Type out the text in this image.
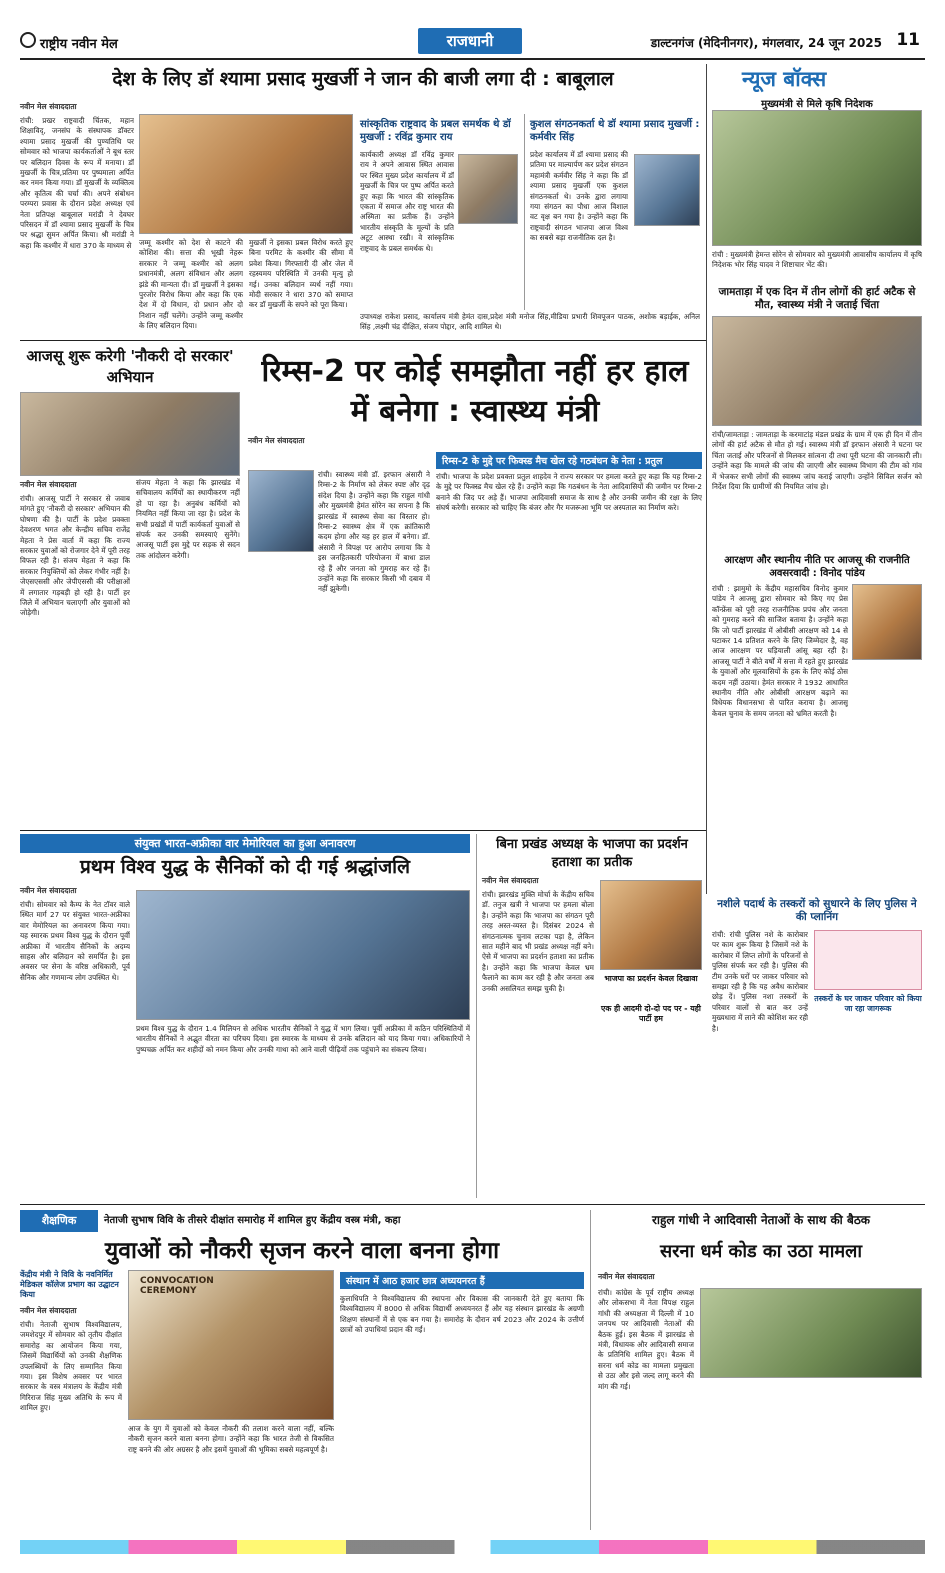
राष्ट्रीय नवीन मेल	राजधानी	डाल्टनगंज (मेदिनीनगर), मंगलवार, 24 जून 2025 11
देश के लिए डॉ श्यामा प्रसाद मुखर्जी ने जान की बाजी लगा दी : बाबूलाल
नवीन मेल संवाददाता
रांची: प्रखर राष्ट्रवादी चिंतक, महान शिक्षाविद्, जनसंघ के संस्थापक डॉक्टर श्यामा प्रसाद मुखर्जी की पुण्यतिथि पर सोमवार को भाजपा कार्यकर्ताओं ने बूथ स्तर पर बलिदान दिवस के रूप में मनाया। डॉ मुखर्जी के चित्र,प्रतिमा पर पुष्पमाला अर्पित कर नमन किया गया। डॉ मुखर्जी के व्यक्तित्व और कृतित्व की चर्चा की। अपने संबोधन परम्परा प्रवास के दौरान प्रदेश अध्यक्ष एवं नेता प्रतिपक्ष बाबूलाल मरांडी ने देवघर परिसदन में डॉ श्यामा प्रसाद मुखर्जी के चित्र पर श्रद्धा सुमन अर्पित किया। श्री मरांडी ने कहा कि कश्मीर में धारा 370 के माध्यम से	जम्मू कश्मीर को देश से काटने की कोशिश की। सत्ता की भूखी नेहरू सरकार ने जम्मू कश्मीर को अलग प्रधानमंत्री, अलग संविधान और अलग झंडे की मान्यता दी। डॉ मुखर्जी ने इसका पुरजोर विरोध किया और कहा कि एक देश में दो विधान, दो प्रधान और दो निशान नहीं चलेंगे। उन्होंने जम्मू कश्मीर के लिए बलिदान दिया।
मुखर्जी ने इसका प्रबल विरोध करते हुए बिना परमिट के कश्मीर की सीमा में प्रवेश किया। गिरफ्तारी दी और जेल में रहस्यमय परिस्थिति में उनकी मृत्यु हो गई। उनका बलिदान व्यर्थ नहीं गया। मोदी सरकार ने धारा 370 को समाप्त कर डॉ मुखर्जी के सपने को पूरा किया।
सांस्कृतिक राष्ट्रवाद के प्रबल समर्थक थे डॉ मुखर्जी : रविंद्र कुमार राय
कार्यकारी अध्यक्ष डॉ रविंद्र कुमार राय ने अपने आवास स्थित आवास पर स्थित मुख्य प्रदेश कार्यालय में डॉ मुखर्जी के चित्र पर पुष्प अर्पित करते हुए कहा कि भारत की सांस्कृतिक एकता में समाज और राष्ट्र भारत की अस्मिता का प्रतीक हैं। उन्होंने भारतीय संस्कृति के मूल्यों के प्रति अटूट आस्था रखी। वे सांस्कृतिक राष्ट्रवाद के प्रबल समर्थक थे।
कुशल संगठनकर्ता थे डॉ श्यामा प्रसाद मुखर्जी : कर्मवीर सिंह
प्रदेश कार्यालय में डॉ श्यामा प्रसाद की प्रतिमा पर माल्यार्पण कर प्रदेश संगठन महामंत्री कर्मवीर सिंह ने कहा कि डॉ श्यामा प्रसाद मुखर्जी एक कुशल संगठनकर्ता थे। उनके द्वारा लगाया गया संगठन का पौधा आज विशाल वट वृक्ष बन गया है। उन्होंने कहा कि राष्ट्रवादी संगठन भाजपा आज विश्व का सबसे बड़ा राजनीतिक दल है।
उपाध्यक्ष राकेश प्रसाद, कार्यालय मंत्री हेमंत दास,प्रदेश मंत्री मनोज सिंह,मीडिया प्रभारी शिवपूजन पाठक, अशोक बड़ाईक, अनिल सिंह ,लक्ष्मी चंद्र दीक्षित, संजय पोद्दार, आदि शामिल थे।
न्यूज बॉक्स
मुख्यमंत्री से मिले कृषि निदेशक
रांची : मुख्यमंत्री हेमन्त सोरेन से सोमवार को मुख्यमंत्री आवासीय कार्यालय में कृषि निदेशक भोर सिंह यादव ने शिष्टाचार भेंट की।
जामताड़ा में एक दिन में तीन लोगों की हार्ट अटैक से मौत, स्वास्थ्य मंत्री ने जताई चिंता
रांची/जामताड़ा : जामताड़ा के करमाटांड़ मंडल प्रखंड के ग्राम में एक ही दिन में तीन लोगों की हार्ट अटैक से मौत हो गई। स्वास्थ्य मंत्री डॉ इरफान अंसारी ने घटना पर चिंता जताई और परिजनों से मिलकर सांत्वना दी तथा पूरी घटना की जानकारी ली। उन्होंने कहा कि मामले की जांच की जाएगी और स्वास्थ्य विभाग की टीम को गांव में भेजकर सभी लोगों की स्वास्थ्य जांच कराई जाएगी। उन्होंने सिविल सर्जन को निर्देश दिया कि ग्रामीणों की नियमित जांच हो।
आरक्षण और स्थानीय नीति पर आजसू की राजनीति अवसरवादी : विनोद पांडेय
रांची : झामुमो के केंद्रीय महासचिव विनोद कुमार पांडेय ने आजसू द्वारा सोमवार को किए गए प्रेस कॉन्फ्रेंस को पूरी तरह राजनीतिक प्रपंच और जनता को गुमराह करने की साजिश बताया है। उन्होंने कहा कि जो पार्टी झारखंड में ओबीसी आरक्षण को 14 से घटाकर 14 प्रतिशत करने के लिए जिम्मेदार है, वह आज आरक्षण पर घड़ियाली आंसू बहा रही है। आजसू पार्टी ने बीते वर्षों में सत्ता में रहते हुए झारखंड के युवाओं और मूलवासियों के हक के लिए कोई ठोस कदम नहीं उठाया। हेमंत सरकार ने 1932 आधारित स्थानीय नीति और ओबीसी आरक्षण बढ़ाने का विधेयक विधानसभा से पारित कराया है। आजसू केवल चुनाव के समय जनता को भ्रमित करती है।
आजसू शुरू करेगी 'नौकरी दो सरकार' अभियान
नवीन मेल संवाददाता
रांची। आजसू पार्टी ने सरकार से जवाब मांगते हुए 'नौकरी दो सरकार' अभियान की घोषणा की है। पार्टी के प्रदेश प्रवक्ता देवशरण भगत और केन्द्रीय सचिव राजेंद्र मेहता ने प्रेस वार्ता में कहा कि राज्य सरकार युवाओं को रोजगार देने में पूरी तरह विफल रही है। संजय मेहता ने कहा कि सरकार नियुक्तियों को लेकर गंभीर नहीं है। जेएसएससी और जेपीएससी की परीक्षाओं में लगातार गड़बड़ी हो रही है। पार्टी हर जिले में अभियान चलाएगी और युवाओं को जोड़ेगी।
संजय मेहता ने कहा कि झारखंड में सचिवालय कर्मियों का स्थायीकरण नहीं हो पा रहा है। अनुबंध कर्मियों को नियमित नहीं किया जा रहा है। प्रदेश के सभी प्रखंडों में पार्टी कार्यकर्ता युवाओं से संपर्क कर उनकी समस्याएं सुनेंगे। आजसू पार्टी इस मुद्दे पर सड़क से सदन तक आंदोलन करेगी।
रिम्स-2 पर कोई समझौता नहीं हर हाल में बनेगा : स्वास्थ्य मंत्री
नवीन मेल संवाददाता
रांची। स्वास्थ्य मंत्री डॉ. इरफान अंसारी ने रिम्स-2 के निर्माण को लेकर स्पष्ट और दृढ़ संदेश दिया है। उन्होंने कहा कि राहुल गांधी और मुख्यमंत्री हेमंत सोरेन का सपना है कि झारखंड में स्वास्थ्य सेवा का विस्तार हो। रिम्स-2 स्वास्थ्य क्षेत्र में एक क्रांतिकारी कदम होगा और यह हर हाल में बनेगा। डॉ. अंसारी ने विपक्ष पर आरोप लगाया कि वे इस जनहितकारी परियोजना में बाधा डाल रहे हैं और जनता को गुमराह कर रहे हैं। उन्होंने कहा कि सरकार किसी भी दबाव में नहीं झुकेगी।
रिम्स-2 के मुद्दे पर फिक्स्ड मैच खेल रहे गठबंधन के नेता : प्रतुल
रांची। भाजपा के प्रदेश प्रवक्ता प्रतुल शाहदेव ने राज्य सरकार पर हमला करते हुए कहा कि यह रिम्स-2 के मुद्दे पर फिक्स्ड मैच खेल रहे हैं। उन्होंने कहा कि गठबंधन के नेता आदिवासियों की जमीन पर रिम्स-2 बनाने की जिद पर अड़े हैं। भाजपा आदिवासी समाज के साथ है और उनकी जमीन की रक्षा के लिए संघर्ष करेगी। सरकार को चाहिए कि बंजर और गैर मजरूआ भूमि पर अस्पताल का निर्माण करे।
संयुक्त भारत-अफ्रीका वार मेमोरियल का हुआ अनावरण
प्रथम विश्व युद्ध के सैनिकों को दी गई श्रद्धांजलि
नवीन मेल संवाददाता
रांची। सोमवार को कैम्प के नेत टॉवर वाले स्थित मार्ग 27 पर संयुक्त भारत-अफ्रीका वार मेमोरियल का अनावरण किया गया। यह स्मारक प्रथम विश्व युद्ध के दौरान पूर्वी अफ्रीका में भारतीय सैनिकों के अदम्य साहस और बलिदान को समर्पित है। इस अवसर पर सेना के वरिष्ठ अधिकारी, पूर्व सैनिक और गणमान्य लोग उपस्थित थे।
प्रथम विश्व युद्ध के दौरान 1.4 मिलियन से अधिक भारतीय सैनिकों ने युद्ध में भाग लिया। पूर्वी अफ्रीका में कठिन परिस्थितियों में भारतीय सैनिकों ने अद्भुत वीरता का परिचय दिया। इस स्मारक के माध्यम से उनके बलिदान को याद किया गया। अधिकारियों ने पुष्पचक्र अर्पित कर शहीदों को नमन किया और उनकी गाथा को आने वाली पीढ़ियों तक पहुंचाने का संकल्प लिया।
बिना प्रखंड अध्यक्ष के भाजपा का प्रदर्शन हताशा का प्रतीक
नवीन मेल संवाददाता
रांची। झारखंड मुक्ति मोर्चा के केंद्रीय सचिव डॉ. तनुज खत्री ने भाजपा पर हमला बोला है। उन्होंने कहा कि भाजपा का संगठन पूरी तरह अस्त-व्यस्त है। दिसंबर 2024 से संगठनात्मक चुनाव लटका पड़ा है, लेकिन सात महीने बाद भी प्रखंड अध्यक्ष नहीं बने। ऐसे में भाजपा का प्रदर्शन हताशा का प्रतीक है। उन्होंने कहा कि भाजपा केवल भ्रम फैलाने का काम कर रही है और जनता अब उनकी असलियत समझ चुकी है।
भाजपा का प्रदर्शन केवल दिखावा
एक ही आदमी दो-दो पद पर - यही पार्टी हम
नशीले पदार्थ के तस्करों को सुधारने के लिए पुलिस ने की प्लानिंग
रांची: रांची पुलिस नशे के कारोबार पर काम शुरू किया है जिसमें नशे के कारोबार में लिप्त लोगों के परिजनों से पुलिस संपर्क कर रही है। पुलिस की टीम उनके घरों पर जाकर परिवार को समझा रही है कि यह अवैध कारोबार छोड़ दें। पुलिस नशा तस्करों के परिवार वालों से बात कर उन्हें मुख्यधारा में लाने की कोशिश कर रही है।
तस्करों के घर जाकर परिवार को किया जा रहा जागरूक
शैक्षणिक	नेताजी सुभाष विवि के तीसरे दीक्षांत समारोह में शामिल हुए केंद्रीय वस्त्र मंत्री, कहा
युवाओं को नौकरी सृजन करने वाला बनना होगा
केंद्रीय मंत्री ने विवि के नवनिर्मित मेडिकल कॉलेज प्रभाग का उद्घाटन किया
नवीन मेल संवाददाता
रांची। नेताजी सुभाष विश्वविद्यालय, जमशेदपुर में सोमवार को तृतीय दीक्षांत समारोह का आयोजन किया गया, जिसमें विद्यार्थियों को उनकी शैक्षणिक उपलब्धियों के लिए सम्मानित किया गया। इस विशेष अवसर पर भारत सरकार के वस्त्र मंत्रालय के केंद्रीय मंत्री गिरिराज सिंह मुख्य अतिथि के रूप में शामिल हुए।
CONVOCATION CEREMONY
आज के युग में युवाओं को केवल नौकरी की तलाश करने वाला नहीं, बल्कि नौकरी सृजन करने वाला बनना होगा। उन्होंने कहा कि भारत तेजी से विकसित राष्ट्र बनने की ओर अग्रसर है और इसमें युवाओं की भूमिका सबसे महत्वपूर्ण है।
संस्थान में आठ हजार छात्र अध्ययनरत हैं
कुलाधिपति ने विश्वविद्यालय की स्थापना और विकास की जानकारी देते हुए बताया कि विश्वविद्यालय में 8000 से अधिक विद्यार्थी अध्ययनरत हैं और यह संस्थान झारखंड के अग्रणी शिक्षण संस्थानों में से एक बन गया है। समारोह के दौरान वर्ष 2023 और 2024 के उत्तीर्ण छात्रों को उपाधियां प्रदान की गईं।
राहुल गांधी ने आदिवासी नेताओं के साथ की बैठक
सरना धर्म कोड का उठा मामला
नवीन मेल संवाददाता
रांची। कांग्रेस के पूर्व राष्ट्रीय अध्यक्ष और लोकसभा में नेता विपक्ष राहुल गांधी की अध्यक्षता में दिल्ली में 10 जनपथ पर आदिवासी नेताओं की बैठक हुई। इस बैठक में झारखंड से मंत्री, विधायक और आदिवासी समाज के प्रतिनिधि शामिल हुए। बैठक में सरना धर्म कोड का मामला प्रमुखता से उठा और इसे जल्द लागू करने की मांग की गई।
